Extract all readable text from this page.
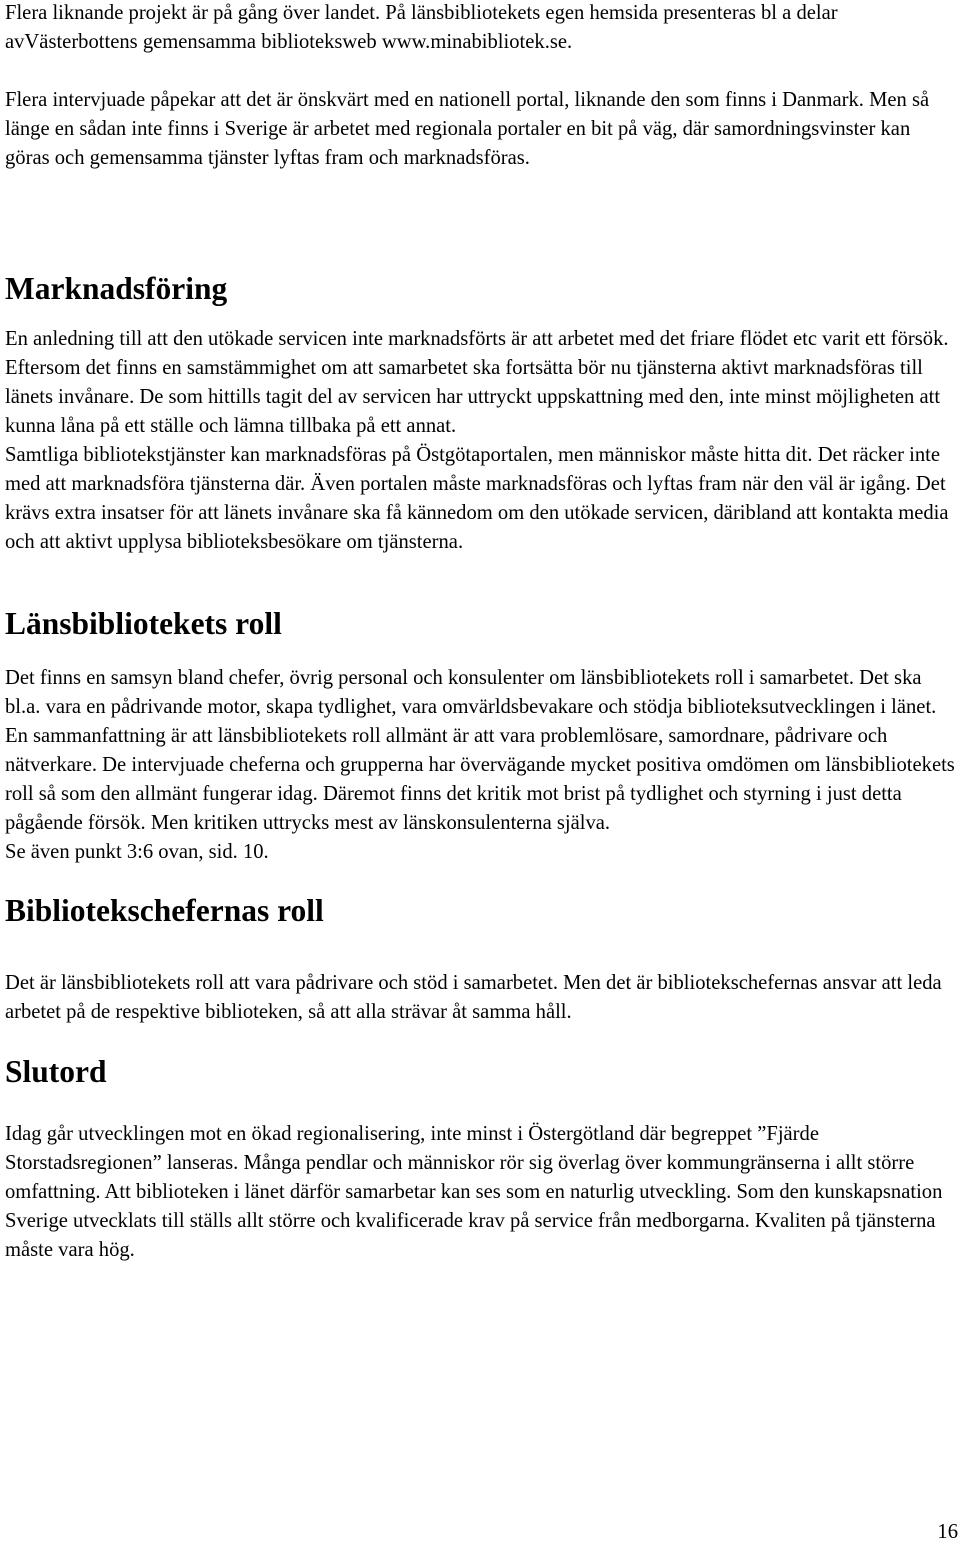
Flera liknande projekt är på gång över landet. På länsbibliotekets egen hemsida presenteras bl a delar avVästerbottens gemensamma biblioteksweb www.minabibliotek.se.

Flera intervjuade påpekar att det är önskvärt med en nationell portal, liknande den som finns i Danmark. Men så länge en sådan inte finns i Sverige är arbetet med regionala portaler en bit på väg, där samordningsvinster kan göras och gemensamma tjänster lyftas fram och marknadsföras.

Marknadsföring

En anledning till att den utökade servicen inte marknadsförts är att arbetet med det friare flödet etc varit ett försök. Eftersom det finns en samstämmighet om att samarbetet ska fortsätta bör nu tjänsterna aktivt marknadsföras till länets invånare. De som hittills tagit del av servicen har uttryckt uppskattning med den, inte minst möjligheten att kunna låna på ett ställe och lämna tillbaka på ett annat.

Samtliga bibliotekstjänster kan marknadsföras på Östgötaportalen, men människor måste hitta dit. Det räcker inte med att marknadsföra tjänsterna där. Även portalen måste marknadsföras och lyftas fram när den väl är igång. Det krävs extra insatser för att länets invånare ska få kännedom om den utökade servicen, däribland att kontakta media och att aktivt upplysa biblioteksbesökare om tjänsterna.

Länsbibliotekets roll

Det finns en samsyn bland chefer, övrig personal och konsulenter om länsbibliotekets roll i samarbetet. Det ska bl.a. vara en pådrivande motor, skapa tydlighet, vara omvärldsbevakare och stödja biblioteksutvecklingen i länet. En sammanfattning är att länsbibliotekets roll allmänt är att vara problemlösare, samordnare, pådrivare och nätverkare. De intervjuade cheferna och grupperna har övervägande mycket positiva omdömen om länsbibliotekets roll så som den allmänt fungerar idag. Däremot finns det kritik mot brist på tydlighet och styrning i just detta pågående försök. Men kritiken uttrycks mest av länskonsulenterna själva.

Se även punkt 3:6 ovan, sid. 10.

Bibliotekschefernas roll

Det är länsbibliotekets roll att vara pådrivare och stöd i samarbetet. Men det är bibliotekschefernas ansvar att leda arbetet på de respektive biblioteken, så att alla strävar åt samma håll.

Slutord

Idag går utvecklingen mot en ökad regionalisering, inte minst i Östergötland där begreppet ”Fjärde Storstadsregionen” lanseras. Många pendlar och människor rör sig överlag över kommungränserna i allt större omfattning. Att biblioteken i länet därför samarbetar kan ses som en naturlig utveckling. Som den kunskapsnation Sverige utvecklats till ställs allt större och kvalificerade krav på service från medborgarna. Kvaliten på tjänsterna måste vara hög.

16
